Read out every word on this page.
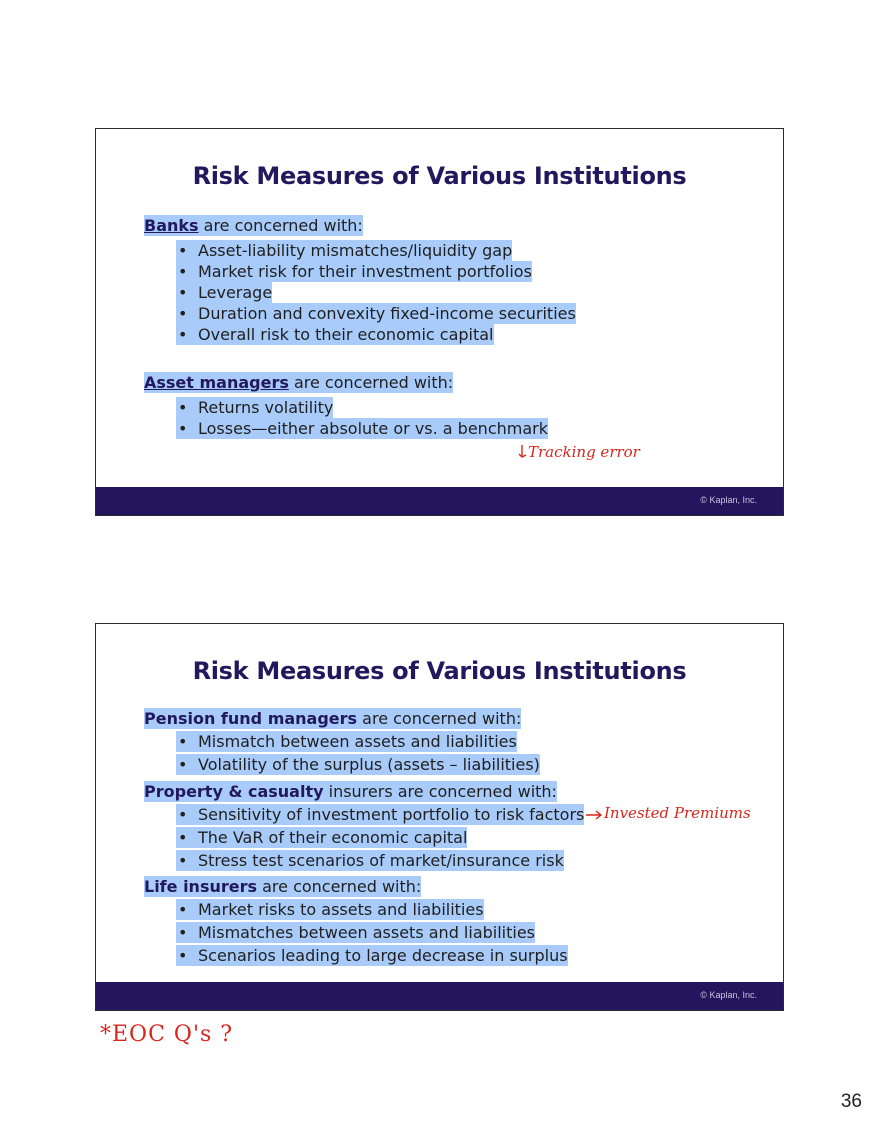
Risk Measures of Various Institutions
Banks are concerned with:
• Asset-liability mismatches/liquidity gap
• Market risk for their investment portfolios
• Leverage
• Duration and convexity fixed-income securities
• Overall risk to their economic capital
Asset managers are concerned with:
• Returns volatility
• Losses—either absolute or vs. a benchmark
Tracking error
© Kaplan, Inc.
Risk Measures of Various Institutions
Pension fund managers are concerned with:
• Mismatch between assets and liabilities
• Volatility of the surplus (assets – liabilities)
Property & casualty insurers are concerned with:
• Sensitivity of investment portfolio to risk factors
• The VaR of their economic capital
• Stress test scenarios of market/insurance risk
Life insurers are concerned with:
• Market risks to assets and liabilities
• Mismatches between assets and liabilities
• Scenarios leading to large decrease in surplus
Invested Premiums
© Kaplan, Inc.
*EOC Q's ?
36
